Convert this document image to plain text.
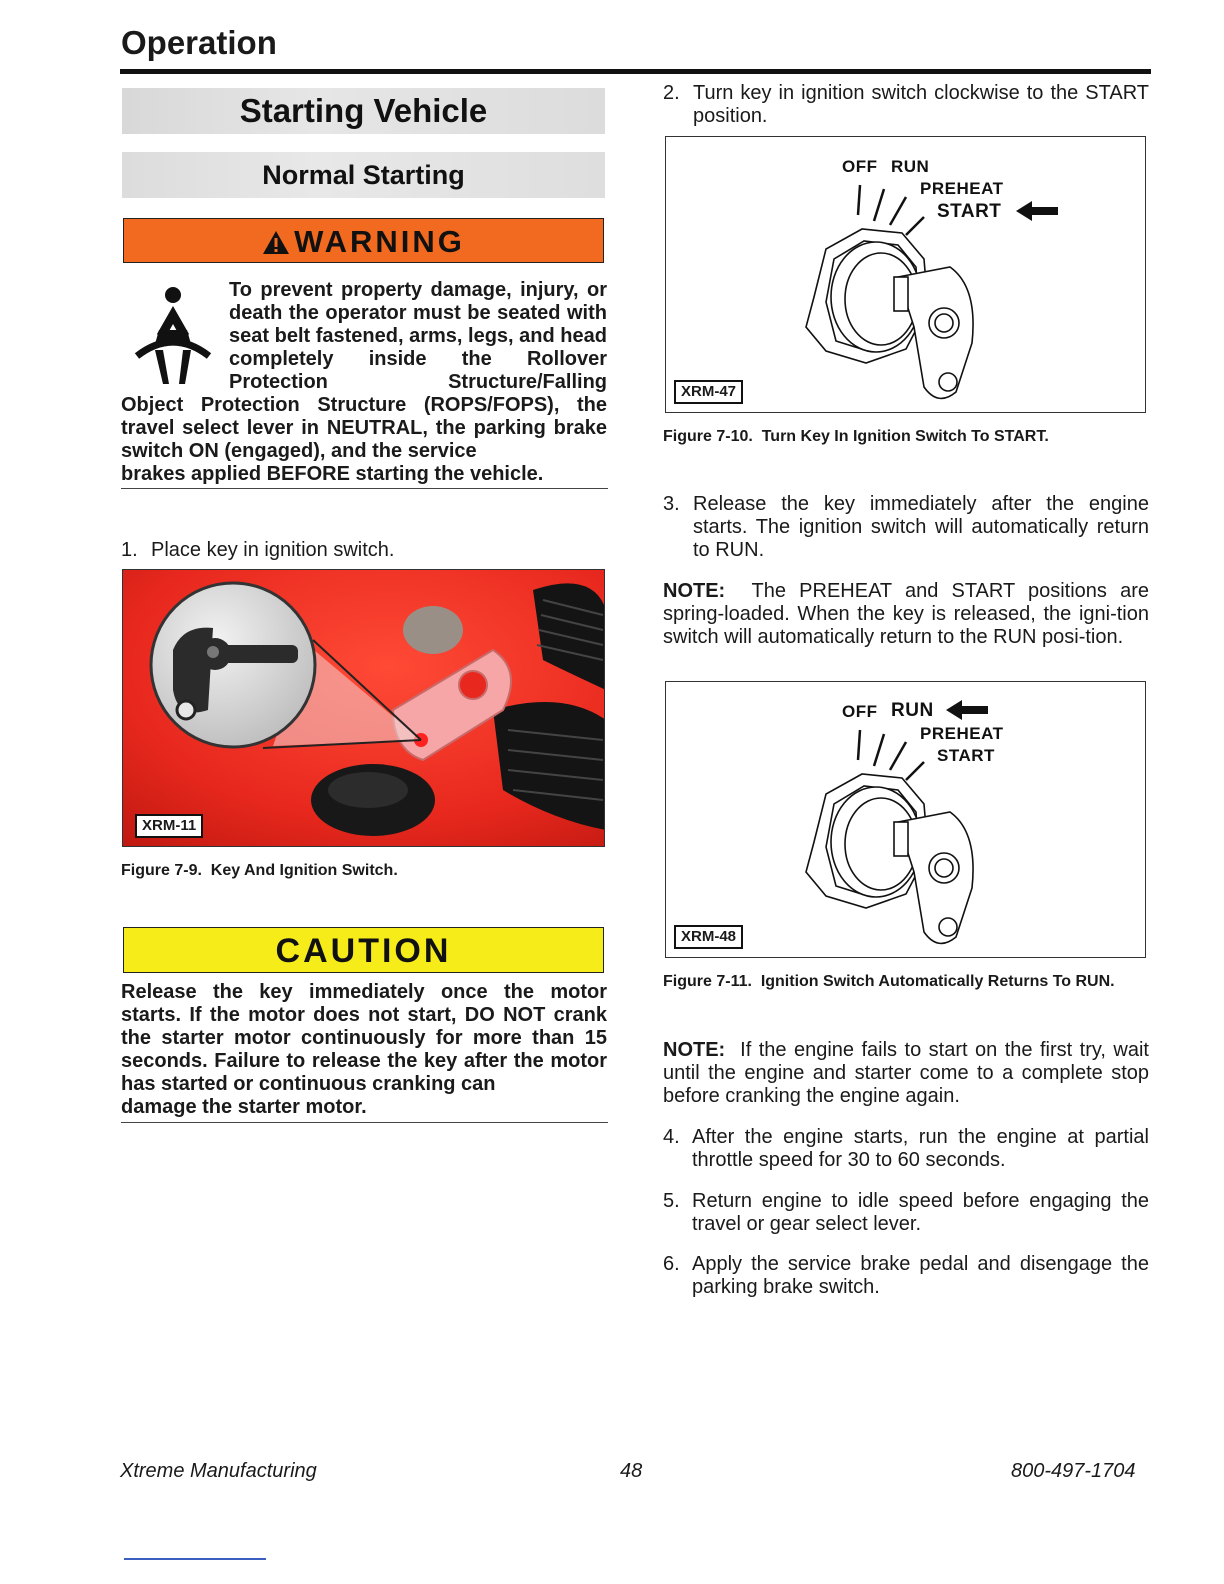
Operation
Starting Vehicle
Normal Starting
WARNING

To prevent property damage, injury, or death the operator must be seated with seat belt fastened, arms, legs, and head completely inside the Rollover Protection Structure/Falling

Object Protection Structure (ROPS/FOPS), the travel select lever in NEUTRAL, the parking brake switch ON (engaged), and the service
brakes applied BEFORE starting the vehicle.

1. Place key in ignition switch.
XRM-11

Figure 7-9. Key And Ignition Switch.

CAUTION

Release the key immediately once the motor starts. If the motor does not start, DO NOT crank the starter motor continuously for more than 15 seconds. Failure to release the key after the motor has started or continuous cranking can
damage the starter motor.

2. Turn key in ignition switch clockwise to the START position.
OFF RUN
PREHEAT
START
XRM-47

Figure 7-10. Turn Key In Ignition Switch To START.

3. Release the key immediately after the engine starts. The ignition switch will automatically return to RUN.

NOTE: The PREHEAT and START positions are spring-loaded. When the key is released, the igni-tion switch will automatically return to the RUN posi-tion.

OFF RUN
PREHEAT
START
XRM-48

Figure 7-11. Ignition Switch Automatically Returns To RUN.

NOTE: If the engine fails to start on the first try, wait until the engine and starter come to a complete stop before cranking the engine again.

4. After the engine starts, run the engine at partial throttle speed for 30 to 60 seconds.
5. Return engine to idle speed before engaging the travel or gear select lever.
6. Apply the service brake pedal and disengage the parking brake switch.

Xtreme Manufacturing	48	800-497-1704
